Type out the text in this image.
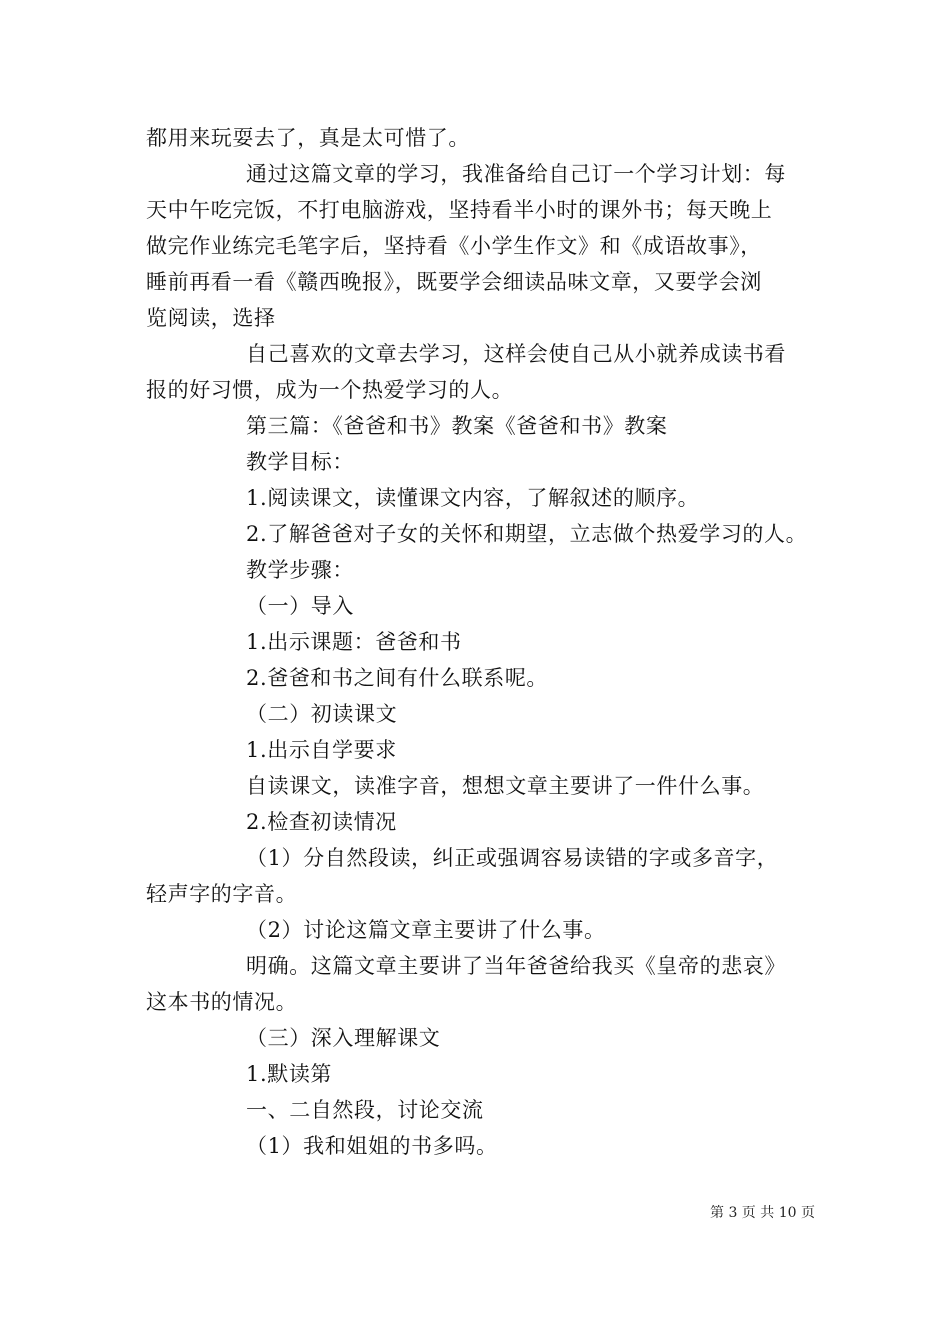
都用来玩耍去了，真是太可惜了。
通过这篇文章的学习，我准备给自己订一个学习计划：每
天中午吃完饭，不打电脑游戏，坚持看半小时的课外书；每天晚上
做完作业练完毛笔字后，坚持看《小学生作文》和《成语故事》，
睡前再看一看《赣西晚报》，既要学会细读品味文章，又要学会浏
览阅读，选择
自己喜欢的文章去学习，这样会使自己从小就养成读书看
报的好习惯，成为一个热爱学习的人。
第三篇：《爸爸和书》教案《爸爸和书》教案
教学目标：
1.阅读课文，读懂课文内容，了解叙述的顺序。
2.了解爸爸对子女的关怀和期望，立志做个热爱学习的人。
教学步骤：
（一）导入
1.出示课题：爸爸和书
2.爸爸和书之间有什么联系呢。
（二）初读课文
1.出示自学要求
自读课文，读准字音，想想文章主要讲了一件什么事。
2.检查初读情况
（1）分自然段读，纠正或强调容易读错的字或多音字，
轻声字的字音。
（2）讨论这篇文章主要讲了什么事。
明确。这篇文章主要讲了当年爸爸给我买《皇帝的悲哀》
这本书的情况。
（三）深入理解课文
1.默读第
一、二自然段，讨论交流
（1）我和姐姐的书多吗。
第 3 页 共 10 页
